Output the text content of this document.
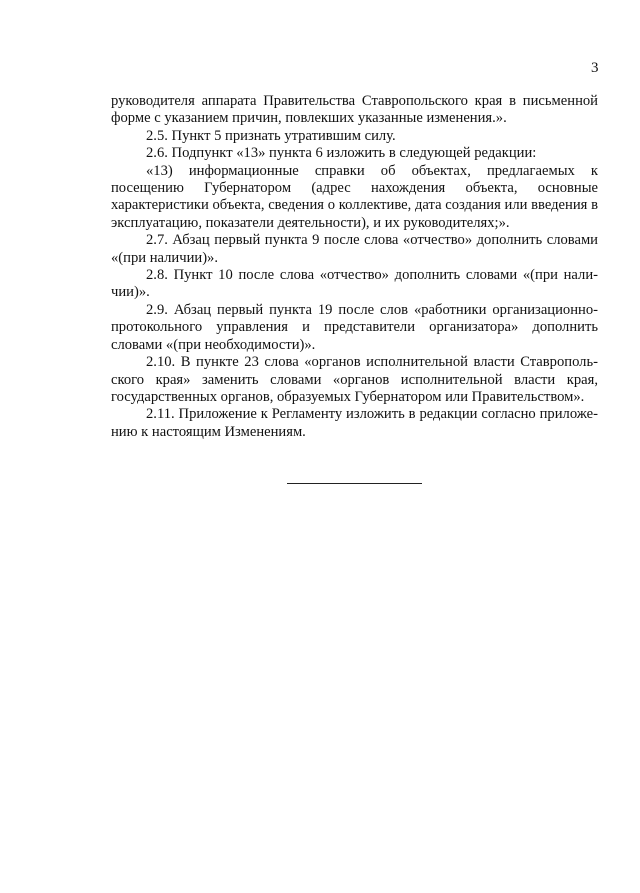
3

руководителя аппарата Правительства Ставропольского края в письменной форме с указанием причин, повлекших указанные изменения.».

2.5. Пункт 5 признать утратившим силу.

2.6. Подпункт «13» пункта 6 изложить в следующей редакции:

«13) информационные справки об объектах, предлагаемых к посещению Губернатором (адрес нахождения объекта, основные характеристики объекта, сведения о коллективе, дата создания или введения в эксплуатацию, показатели деятельности), и их руководителях;».

2.7. Абзац первый пункта 9 после слова «отчество» дополнить словами «(при наличии)».

2.8. Пункт 10 после слова «отчество» дополнить словами «(при наличии)».

2.9. Абзац первый пункта 19 после слов «работники организационно-протокольного управления и представители организатора» дополнить словами «(при необходимости)».

2.10. В пункте 23 слова «органов исполнительной власти Ставропольского края» заменить словами «органов исполнительной власти края, государственных органов, образуемых Губернатором или Правительством».

2.11. Приложение к Регламенту изложить в редакции согласно приложению к настоящим Изменениям.
